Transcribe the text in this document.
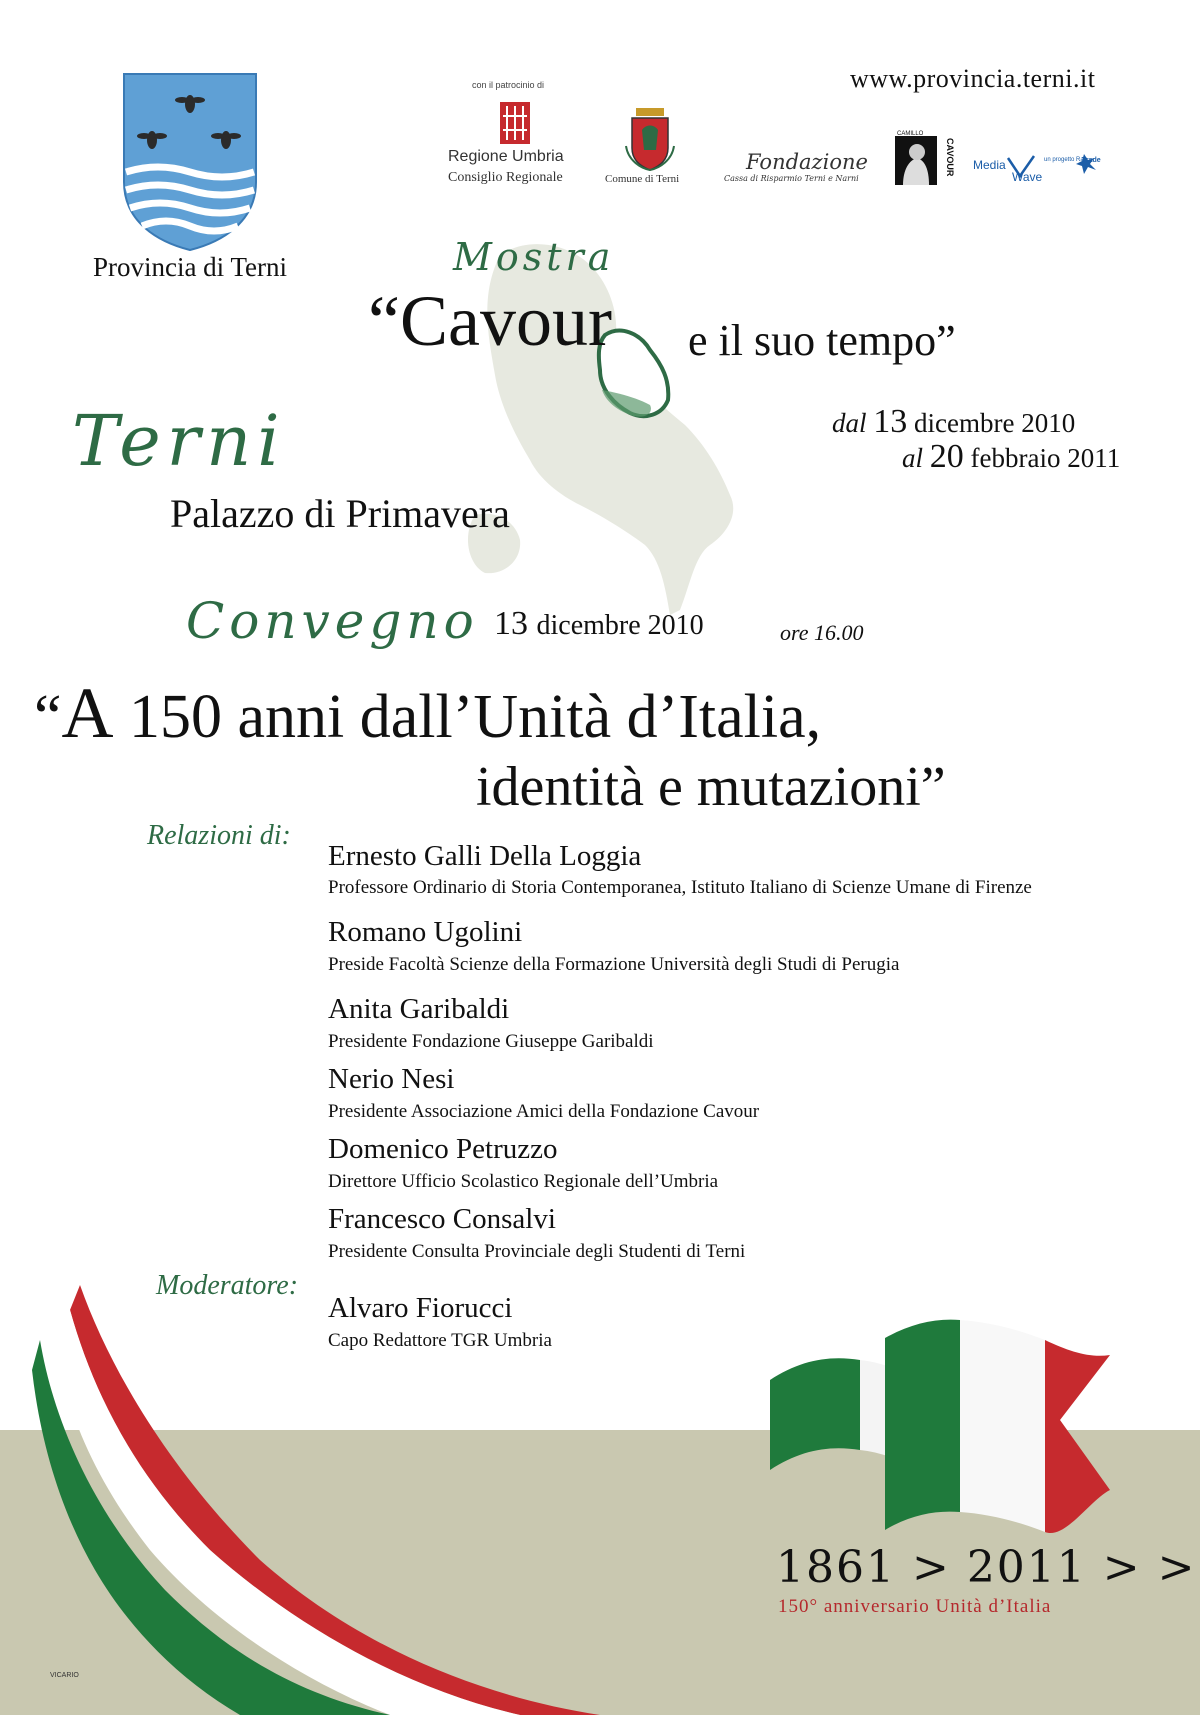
Provincia di Terni
www.provincia.terni.it
con il patrocinio di
Regione Umbria
Consiglio Regionale	Comune di Terni
Fondazione
Cassa di Risparmio Terni e Narni
CAMILLO
CAVOUR Media
Wave
un progetto Rai
Trade
Mostra
“Cavour e il suo tempo”
dal 13 dicembre 2010
al 20 febbraio 2011
Terni
Palazzo di Primavera
Convegno 13 dicembre 2010	ore 16.00
“A 150 anni dall’Unità d’Italia,
identità e mutazioni”
Relazioni di:
Ernesto Galli Della Loggia
Professore Ordinario di Storia Contemporanea, Istituto Italiano di Scienze Umane di Firenze
Romano Ugolini
Preside Facoltà Scienze della Formazione Università degli Studi di Perugia
Anita Garibaldi
Presidente Fondazione Giuseppe Garibaldi
Nerio Nesi
Presidente Associazione Amici della Fondazione Cavour
Domenico Petruzzo
Direttore Ufficio Scolastico Regionale dell’Umbria
Francesco Consalvi
Presidente Consulta Provinciale degli Studenti di Terni
Moderatore:
Alvaro Fiorucci
Capo Redattore TGR Umbria
1861 > 2011 > >
150° anniversario Unità d’Italia
VICARIO
